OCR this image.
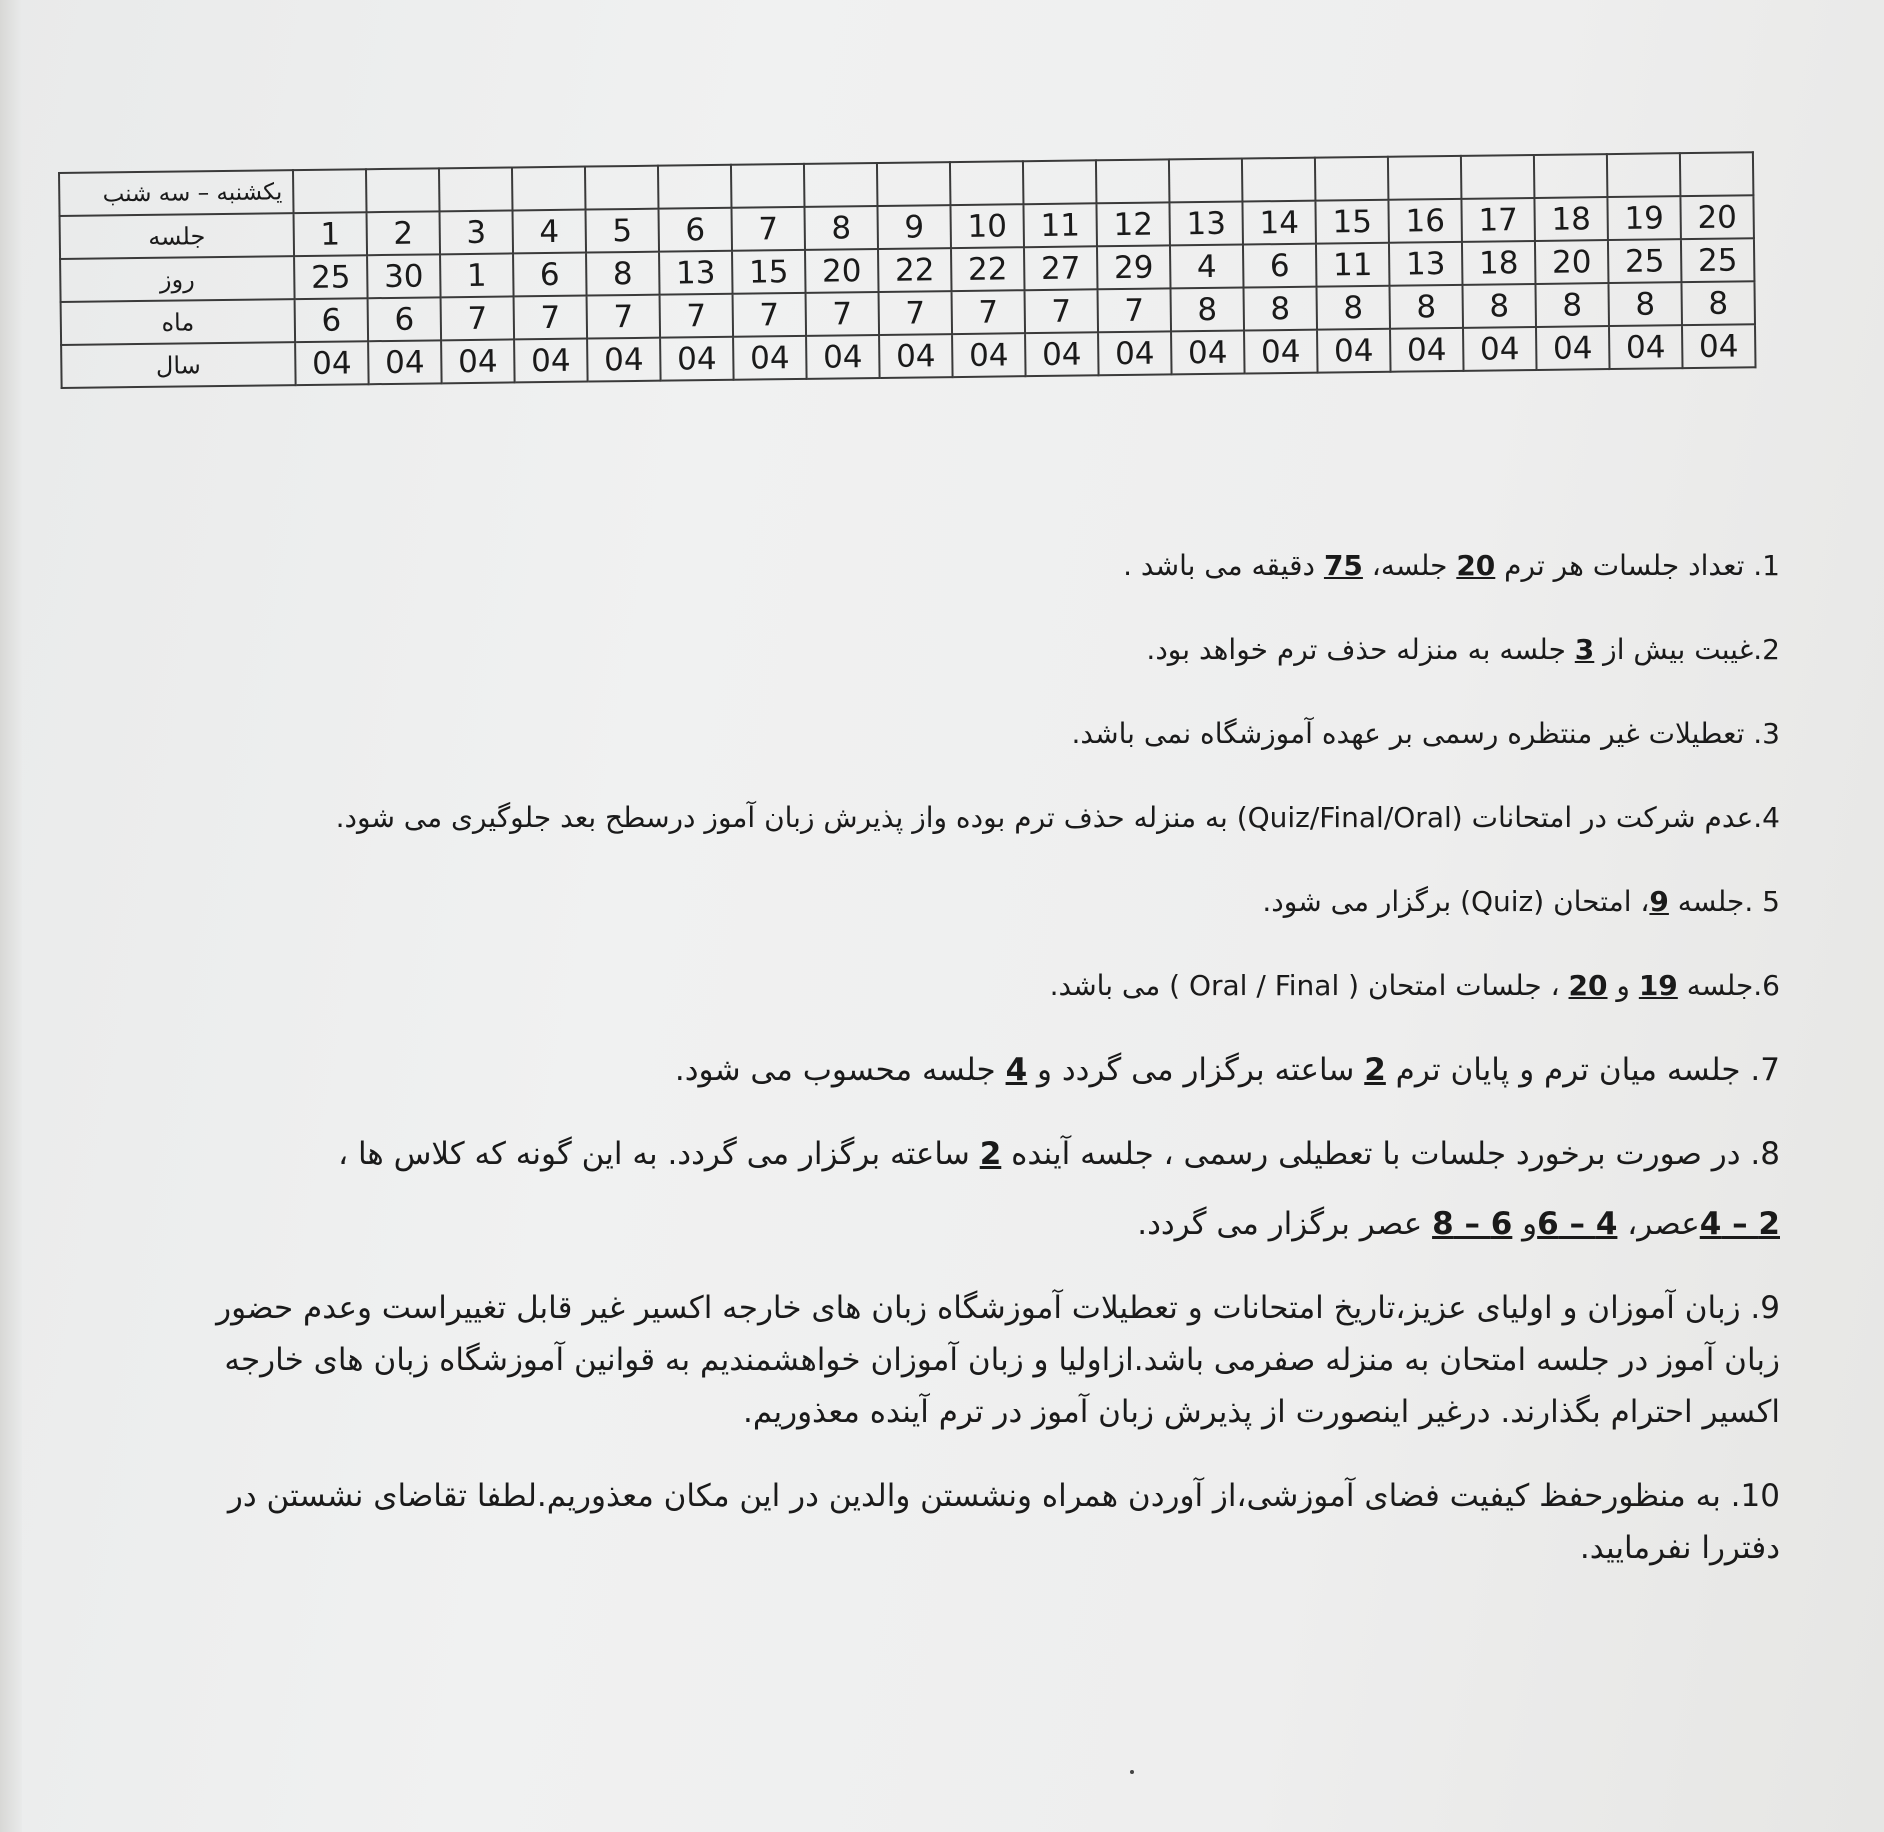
یکشنبه – سه شنب																				
جلسه	1	2	3	4	5	6	7	8	9	10	11	12	13	14	15	16	17	18	19	20
روز	25	30	1	6	8	13	15	20	22	22	27	29	4	6	11	13	18	20	25	25
ماه	6	6	7	7	7	7	7	7	7	7	7	7	8	8	8	8	8	8	8	8
سال	04	04	04	04	04	04	04	04	04	04	04	04	04	04	04	04	04	04	04	04

1. تعداد جلسات هر ترم 20 جلسه، 75 دقیقه می باشد .

2.غیبت بیش از 3 جلسه به منزله حذف ترم خواهد بود.

3. تعطیلات غیر منتظره رسمی بر عهده آموزشگاه نمی باشد.

4.عدم شرکت در امتحانات (Quiz/Final/Oral) به منزله حذف ترم بوده واز پذیرش زبان آموز درسطح بعد جلوگیری می شود.

5 .جلسه 9، امتحان (Quiz) برگزار می شود.

6.جلسه 19 و 20 ، جلسات امتحان ( Oral / Final ) می باشد.

7. جلسه میان ترم و پایان ترم 2 ساعته برگزار می گردد و 4 جلسه محسوب می شود.

8. در صورت برخورد جلسات با تعطیلی رسمی ، جلسه آینده 2 ساعته برگزار می گردد. به این گونه که کلاس ها ،

2 – 4عصر، 4 – 6و 6 – 8 عصر برگزار می گردد.

9. زبان آموزان و اولیای عزیز،تاریخ امتحانات و تعطیلات آموزشگاه زبان های خارجه اکسیر غیر قابل تغییراست وعدم حضور زبان آموز در جلسه امتحان به منزله صفرمی باشد.ازاولیا و زبان آموزان خواهشمندیم به قوانین آموزشگاه زبان های خارجه اکسیر احترام بگذارند. درغیر اینصورت از پذیرش زبان آموز در ترم آینده معذوریم.

10. به منظورحفظ کیفیت فضای آموزشی،از آوردن همراه ونشستن والدین در این مکان معذوریم.لطفا تقاضای نشستن در دفتررا نفرمایید.
